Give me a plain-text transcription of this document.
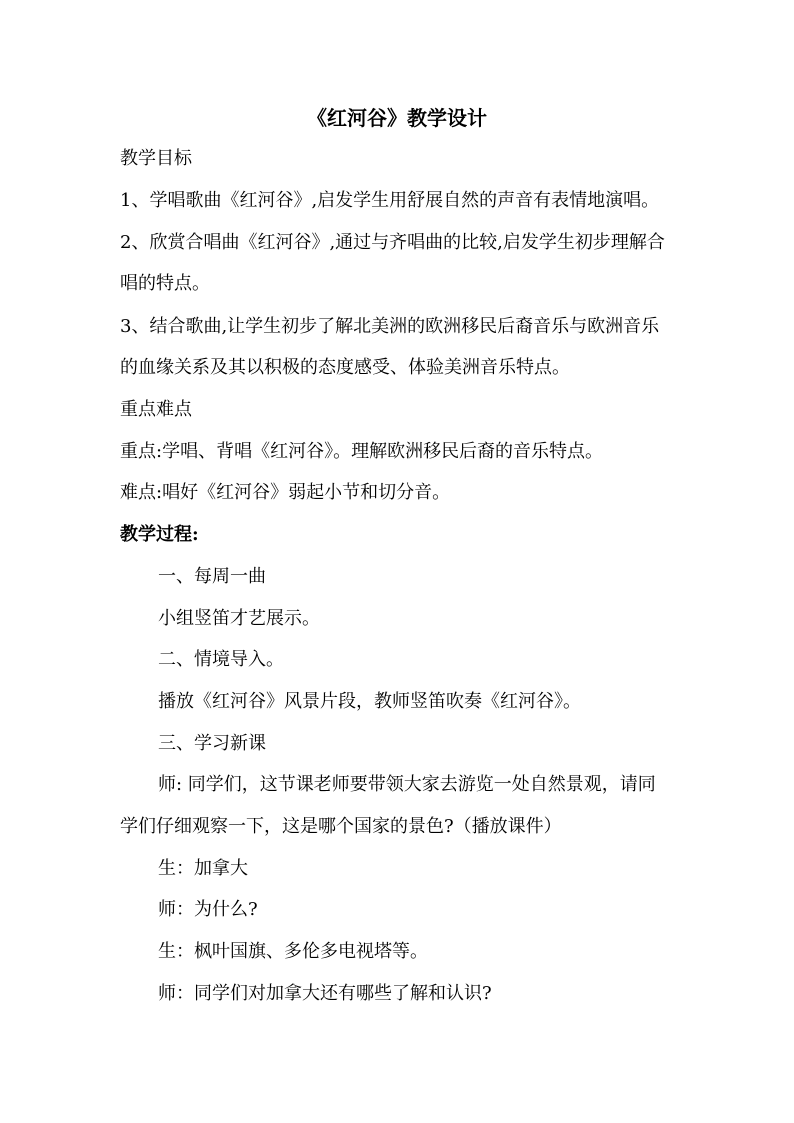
《红河谷》教学设计
教学目标
1、学唱歌曲《红河谷》,启发学生用舒展自然的声音有表情地演唱。
2、欣赏合唱曲《红河谷》,通过与齐唱曲的比较,启发学生初步理解合
唱的特点。
3、结合歌曲,让学生初步了解北美洲的欧洲移民后裔音乐与欧洲音乐
的血缘关系及其以积极的态度感受、体验美洲音乐特点。
重点难点
重点:学唱、背唱《红河谷》。理解欧洲移民后裔的音乐特点。
难点:唱好《红河谷》弱起小节和切分音。
教学过程:
一、每周一曲
小组竖笛才艺展示。
二、情境导入。
播放《红河谷》风景片段，教师竖笛吹奏《红河谷》。
三、学习新课
师: 同学们，这节课老师要带领大家去游览一处自然景观，请同
学们仔细观察一下，这是哪个国家的景色?（播放课件）
生：加拿大
师：为什么?
生：枫叶国旗、多伦多电视塔等。
师：同学们对加拿大还有哪些了解和认识?
